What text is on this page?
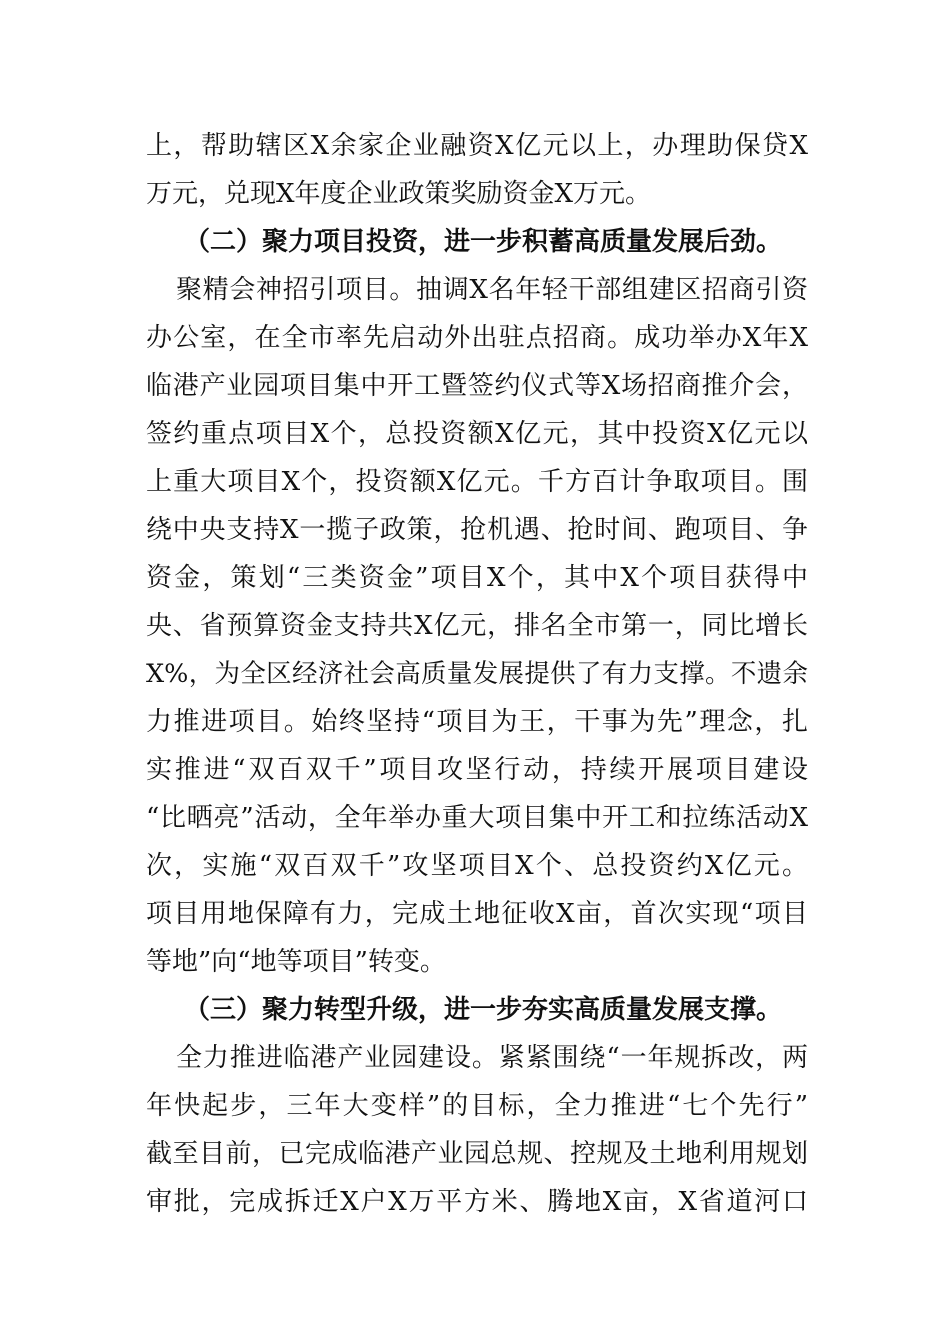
上，帮助辖区X余家企业融资X亿元以上，办理助保贷X
万元，兑现X年度企业政策奖励资金X万元。
（二）聚力项目投资，进一步积蓄高质量发展后劲。
聚精会神招引项目。抽调X名年轻干部组建区招商引资
办公室，在全市率先启动外出驻点招商。成功举办X年X
临港产业园项目集中开工暨签约仪式等X场招商推介会，
签约重点项目X个，总投资额X亿元，其中投资X亿元以
上重大项目X个，投资额X亿元。千方百计争取项目。围
绕中央支持X一揽子政策，抢机遇、抢时间、跑项目、争
资金，策划“三类资金”项目X个，其中X个项目获得中
央、省预算资金支持共X亿元，排名全市第一，同比增长
X%，为全区经济社会高质量发展提供了有力支撑。不遗余
力推进项目。始终坚持“项目为王，干事为先”理念，扎
实推进“双百双千”项目攻坚行动，持续开展项目建设
“比晒亮”活动，全年举办重大项目集中开工和拉练活动X
次，实施“双百双千”攻坚项目X个、总投资约X亿元。
项目用地保障有力，完成土地征收X亩，首次实现“项目
等地”向“地等项目”转变。
（三）聚力转型升级，进一步夯实高质量发展支撑。
全力推进临港产业园建设。紧紧围绕“一年规拆改，两
年快起步，三年大变样”的目标，全力推进“七个先行”
截至目前，已完成临港产业园总规、控规及土地利用规划
审批，完成拆迁X户X万平方米、腾地X亩，X省道河口
